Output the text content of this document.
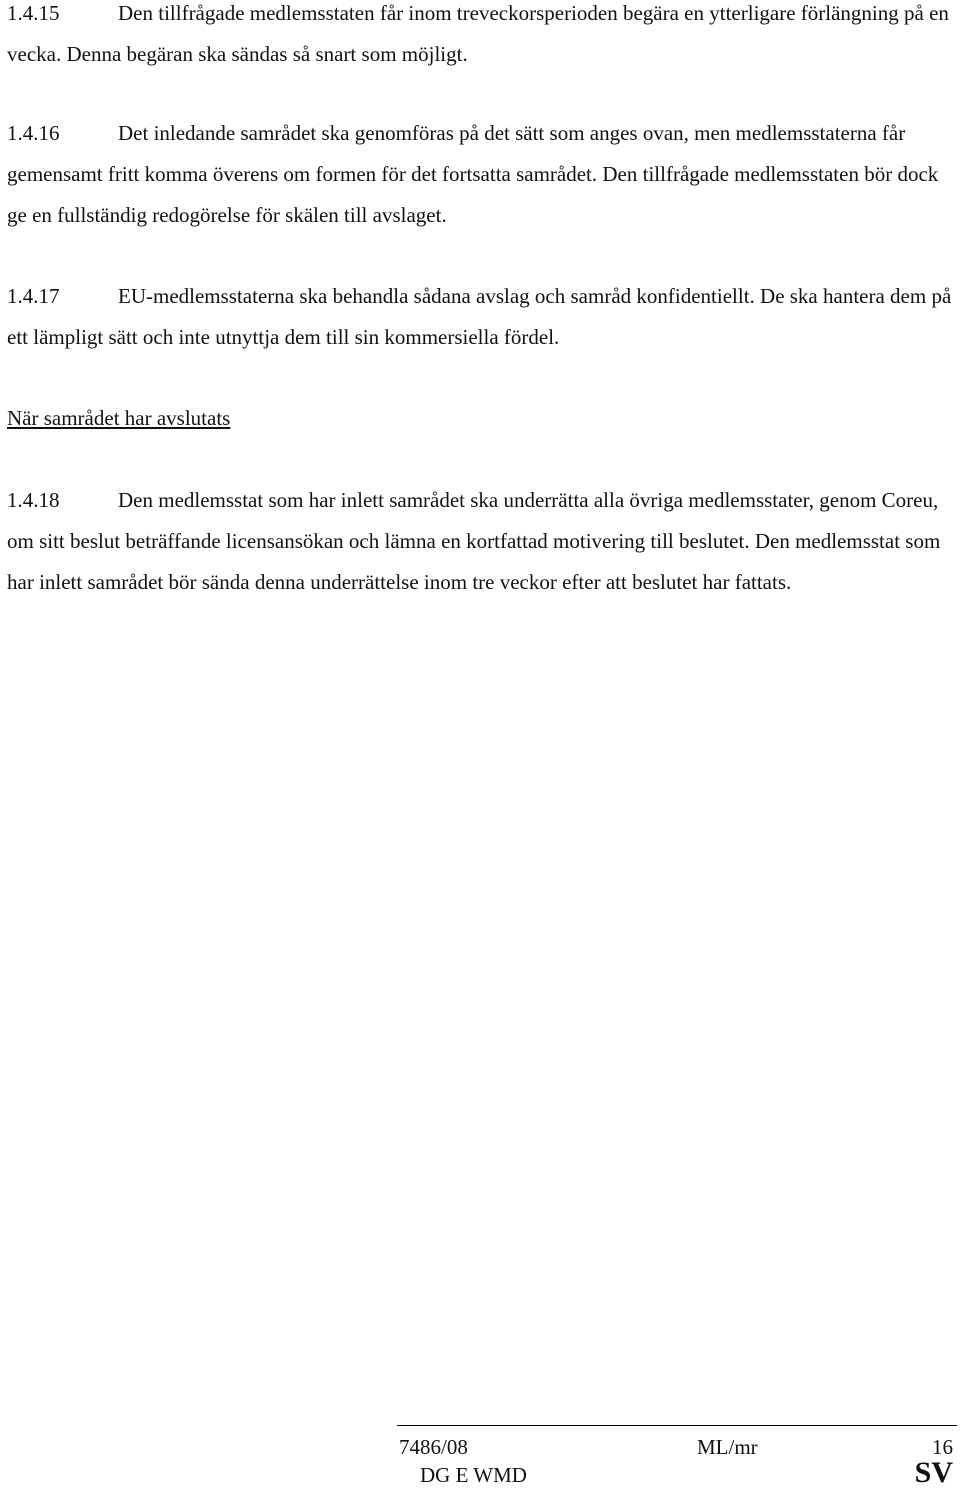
1.4.15	Den tillfrågade medlemsstaten får inom treveckorsperioden begära en ytterligare förlängning på en vecka. Denna begäran ska sändas så snart som möjligt.

1.4.16	Det inledande samrådet ska genomföras på det sätt som anges ovan, men medlemsstaterna får gemensamt fritt komma överens om formen för det fortsatta samrådet. Den tillfrågade medlemsstaten bör dock ge en fullständig redogörelse för skälen till avslaget.

1.4.17	EU-medlemsstaterna ska behandla sådana avslag och samråd konfidentiellt. De ska hantera dem på ett lämpligt sätt och inte utnyttja dem till sin kommersiella fördel.

När samrådet har avslutats

1.4.18	Den medlemsstat som har inlett samrådet ska underrätta alla övriga medlemsstater, genom Coreu, om sitt beslut beträffande licensansökan och lämna en kortfattad motivering till beslutet. Den medlemsstat som har inlett samrådet bör sända denna underrättelse inom tre veckor efter att beslutet har fattats.

7486/08	ML/mr	16
DG E WMD	SV
